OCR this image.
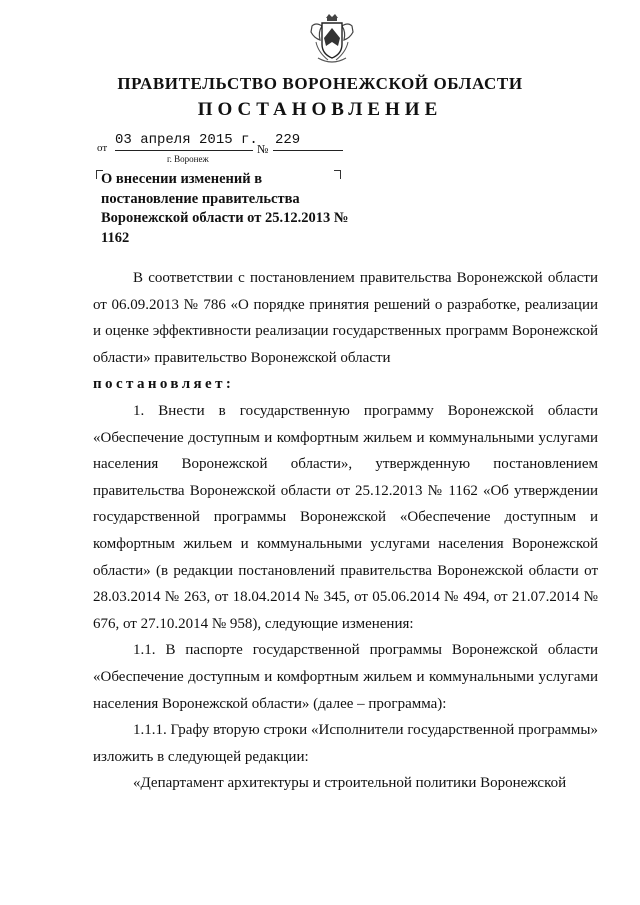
ПРАВИТЕЛЬСТВО ВОРОНЕЖСКОЙ ОБЛАСТИ
ПОСТАНОВЛЕНИЕ
от 03 апреля 2015 г.
№
229
г. Воронеж
О внесении изменений в постановление правительства Воронежской области от 25.12.2013 № 1162

В соответствии с постановлением правительства Воронежской области от 06.09.2013 № 786 «О порядке принятия решений о разработке, реализации и оценке эффективности реализации государственных программ Воронежской области» правительство Воронежской области

постановляет:

1. Внести в государственную программу Воронежской области «Обеспечение доступным и комфортным жильем и коммунальными услугами населения Воронежской области», утвержденную постановлением правительства Воронежской области от 25.12.2013 № 1162 «Об утверждении государственной программы Воронежской «Обеспечение доступным и комфортным жильем и коммунальными услугами населения Воронежской области» (в редакции постановлений правительства Воронежской области от 28.03.2014 № 263, от 18.04.2014 № 345, от 05.06.2014 № 494, от 21.07.2014 № 676, от 27.10.2014 № 958), следующие изменения:

1.1. В паспорте государственной программы Воронежской области «Обеспечение доступным и комфортным жильем и коммунальными услугами населения Воронежской области» (далее – программа):

1.1.1. Графу вторую строки «Исполнители государственной программы» изложить в следующей редакции:

«Департамент архитектуры и строительной политики Воронежской
